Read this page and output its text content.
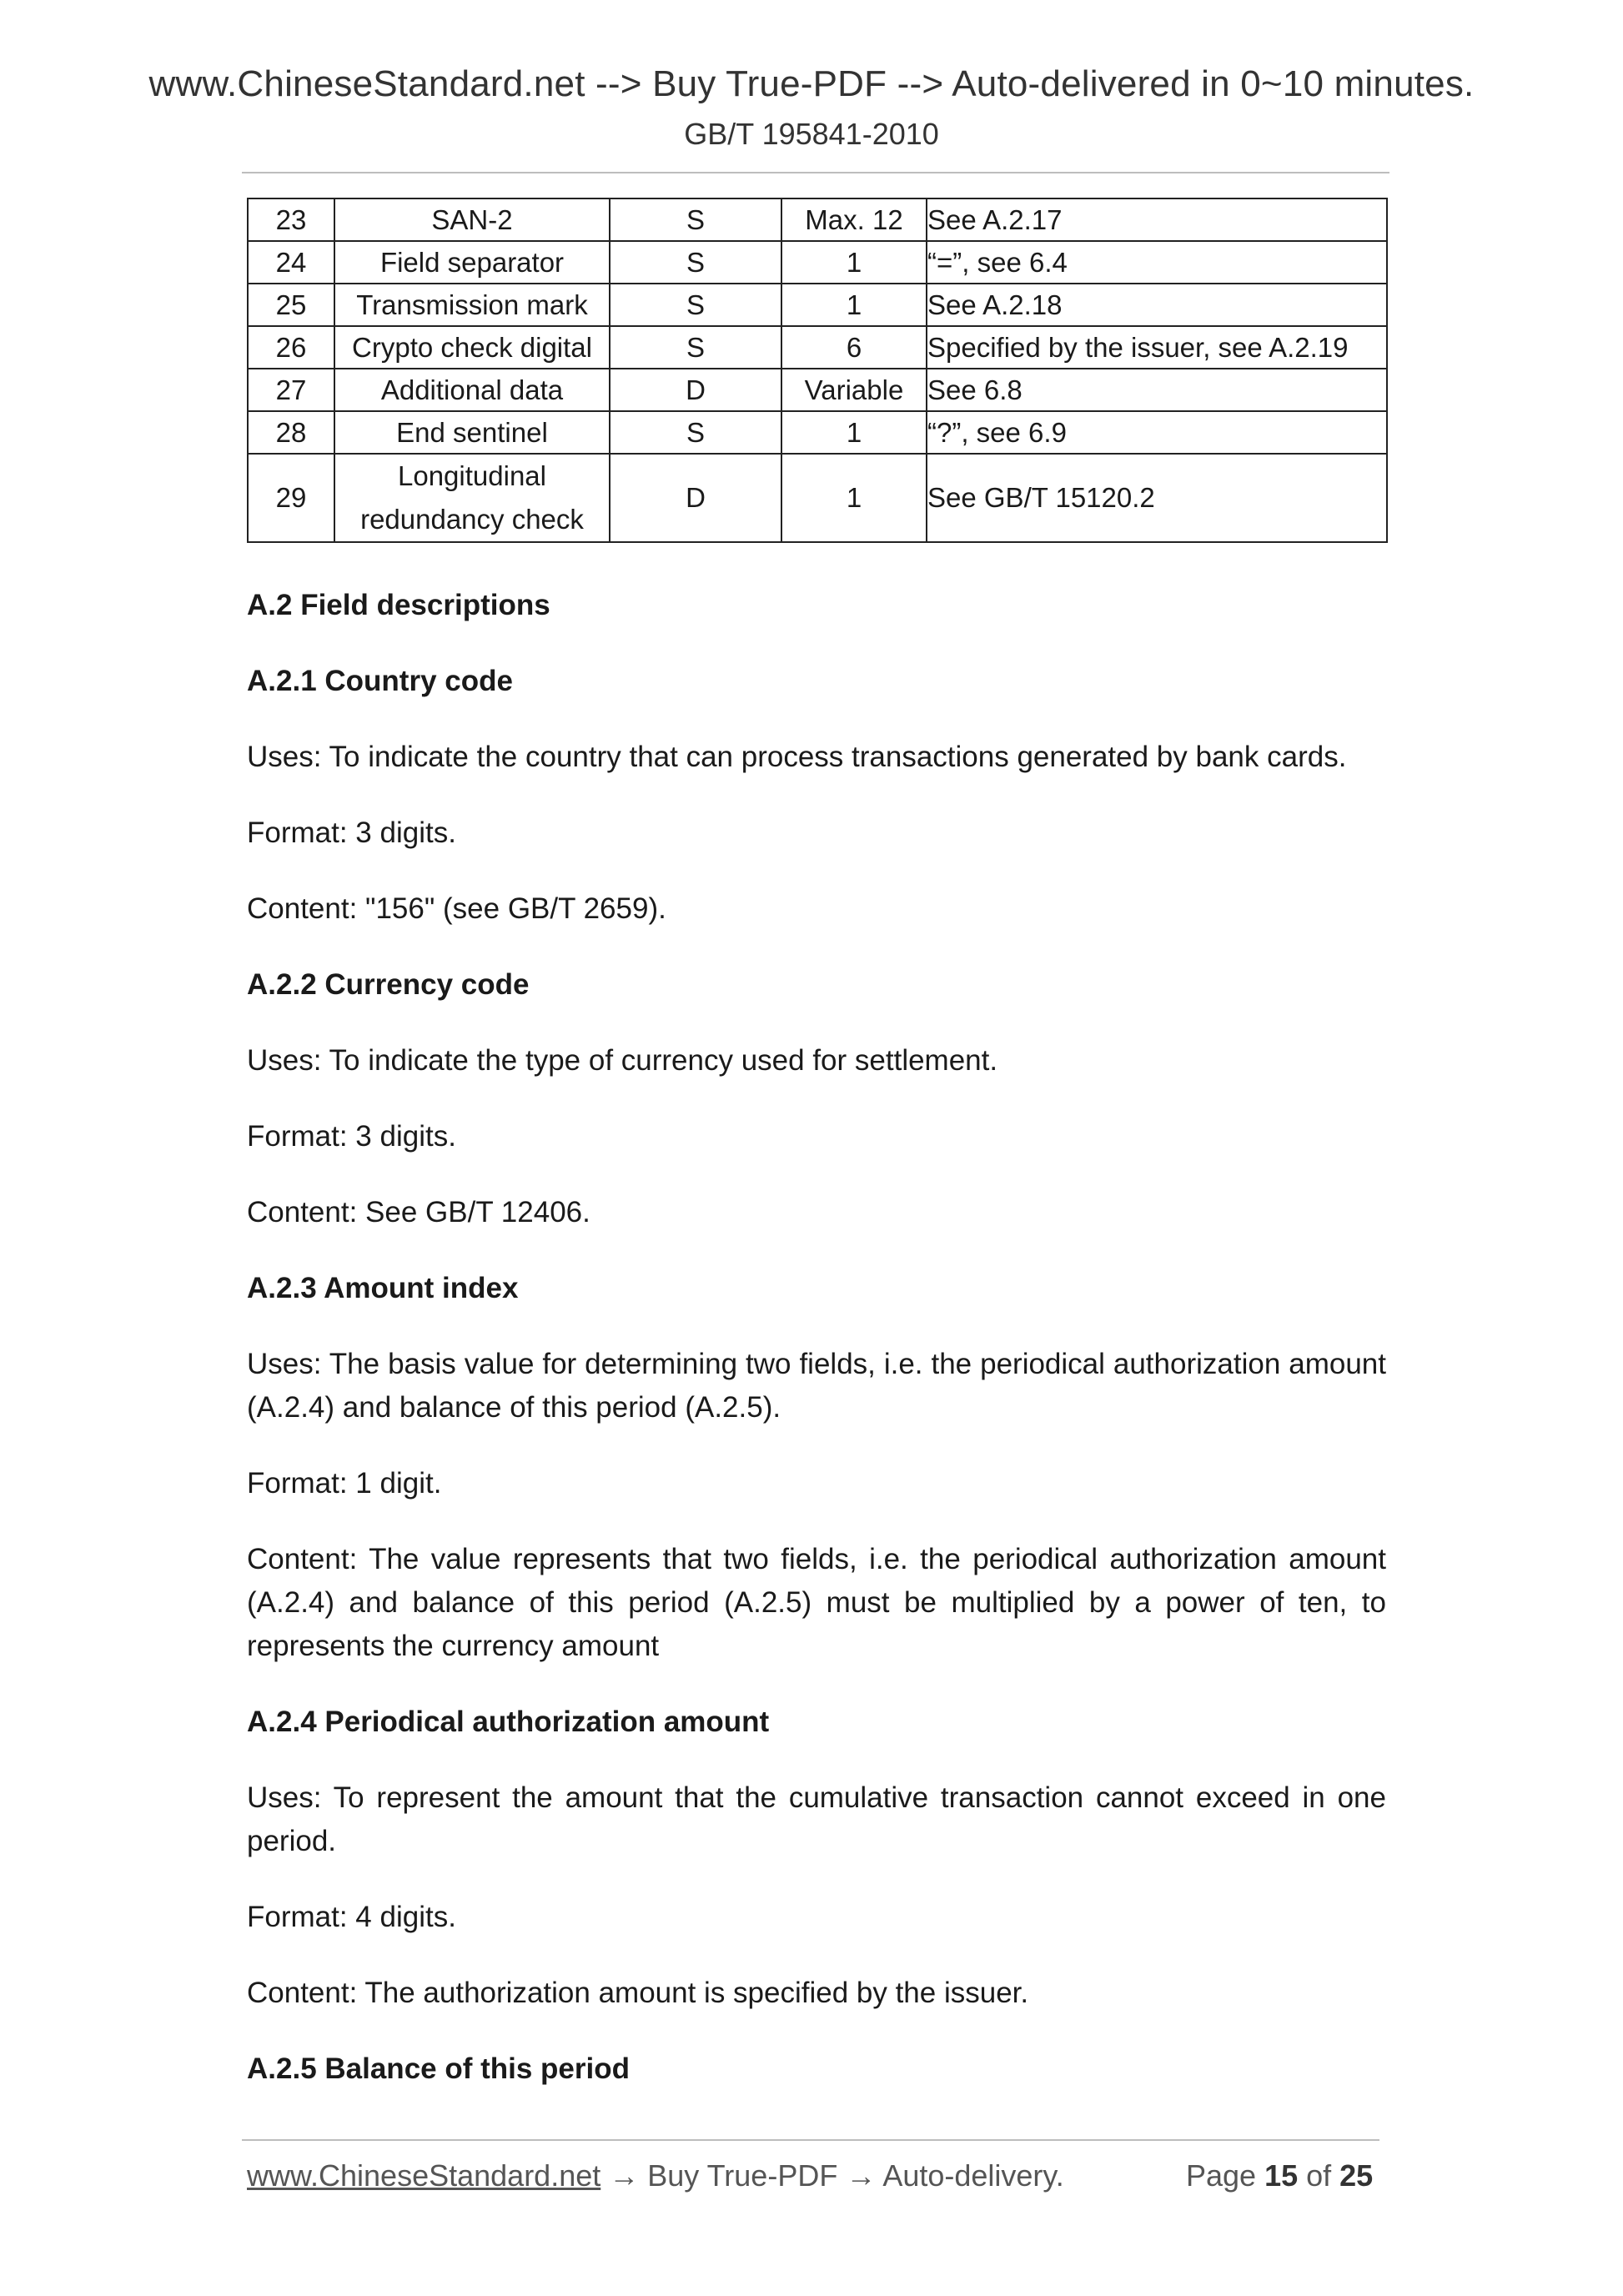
www.ChineseStandard.net --> Buy True-PDF --> Auto-delivered in 0~10 minutes.
GB/T 195841-2010
23	SAN-2	S	Max. 12	See A.2.17
24	Field separator	S	1	“=”, see 6.4
25	Transmission mark	S	1	See A.2.18
26	Crypto check digital	S	6	Specified by the issuer, see A.2.19
27	Additional data	D	Variable	See 6.8
28	End sentinel	S	1	“?”, see 6.9
29	Longitudinal
redundancy check	D	1	See GB/T 15120.2
A.2 Field descriptions
A.2.1 Country code
Uses: To indicate the country that can process transactions generated by bank cards.
Format: 3 digits.
Content: "156" (see GB/T 2659).
A.2.2 Currency code
Uses: To indicate the type of currency used for settlement.
Format: 3 digits.
Content: See GB/T 12406.
A.2.3 Amount index
Uses: The basis value for determining two fields, i.e. the periodical authorization amount (A.2.4) and balance of this period (A.2.5).
Format: 1 digit.
Content: The value represents that two fields, i.e. the periodical authorization amount (A.2.4) and balance of this period (A.2.5) must be multiplied by a power of ten, to represents the currency amount
A.2.4 Periodical authorization amount
Uses: To represent the amount that the cumulative transaction cannot exceed in one period.
Format: 4 digits.
Content: The authorization amount is specified by the issuer.
A.2.5 Balance of this period
www.ChineseStandard.net → Buy True-PDF → Auto-delivery.	Page 15 of 25
